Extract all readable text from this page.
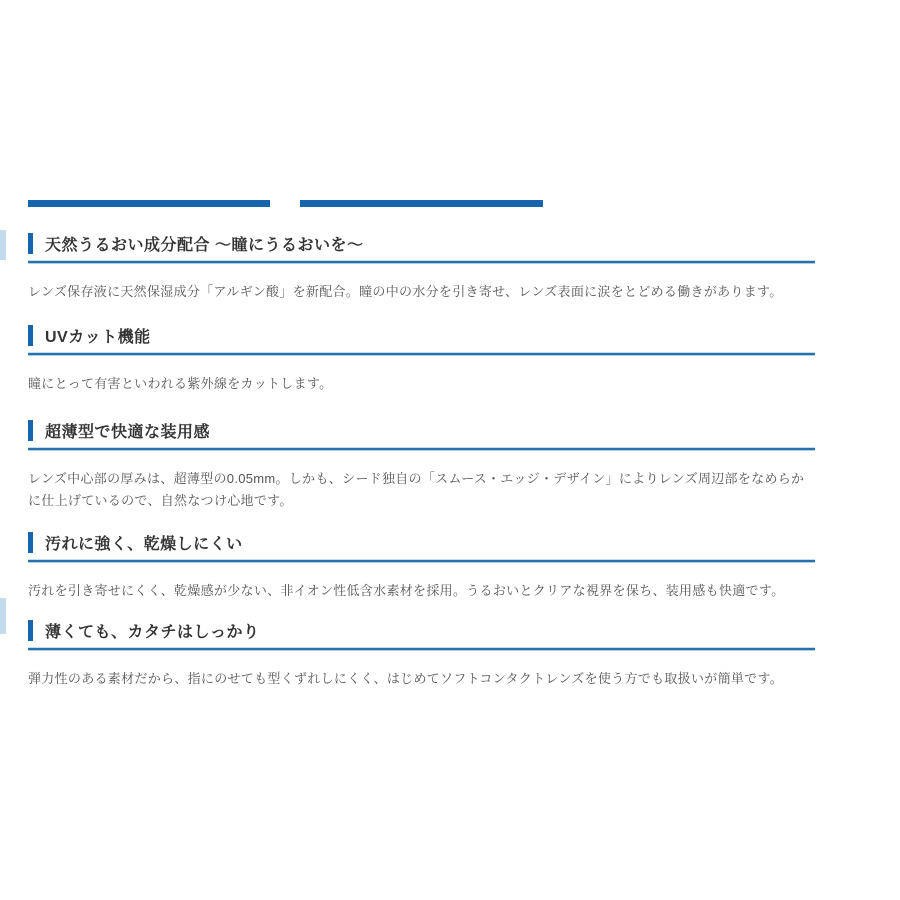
天然うるおい成分配合 ～瞳にうるおいを～

レンズ保存液に天然保湿成分「アルギン酸」を新配合。瞳の中の水分を引き寄せ、レンズ表面に涙をとどめる働きがあります。

UVカット機能

瞳にとって有害といわれる紫外線をカットします。

超薄型で快適な装用感

レンズ中心部の厚みは、超薄型の0.05mm。しかも、シード独自の「スムース・エッジ・デザイン」によりレンズ周辺部をなめらかに仕上げているので、自然なつけ心地です。

汚れに強く、乾燥しにくい

汚れを引き寄せにくく、乾燥感が少ない、非イオン性低含水素材を採用。うるおいとクリアな視界を保ち、装用感も快適です。

薄くても、カタチはしっかり

弾力性のある素材だから、指にのせても型くずれしにくく、はじめてソフトコンタクトレンズを使う方でも取扱いが簡単です。
